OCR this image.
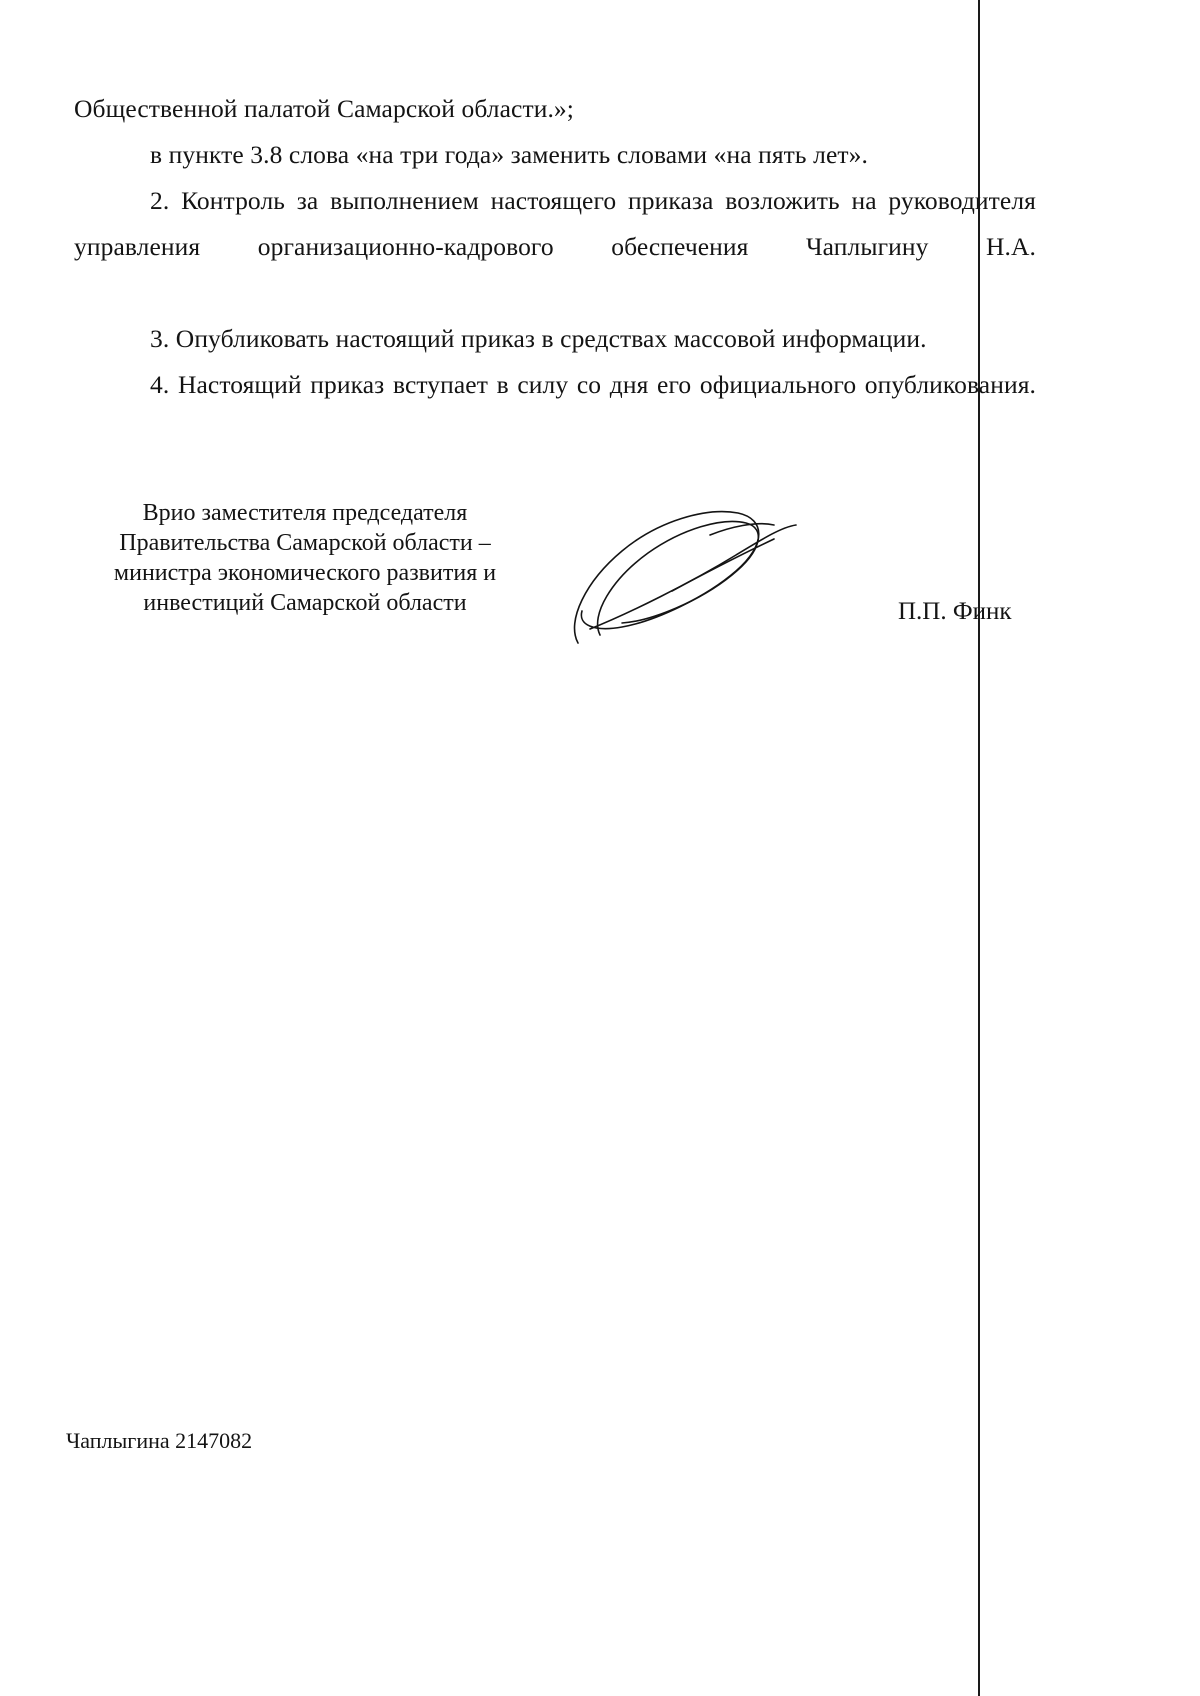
Общественной палатой Самарской области.»;

в пункте 3.8 слова «на три года» заменить словами «на пять лет».

2. Контроль за выполнением настоящего приказа возложить на руководителя управления организационно-кадрового обеспечения Чаплыгину Н.А.

3. Опубликовать настоящий приказ в средствах массовой информации.

4. Настоящий приказ вступает в силу со дня его официального опубликования.

Врио заместителя председателя
Правительства Самарской области –
министра экономического развития и
инвестиций Самарской области	П.П. Финк
Чаплыгина 2147082
